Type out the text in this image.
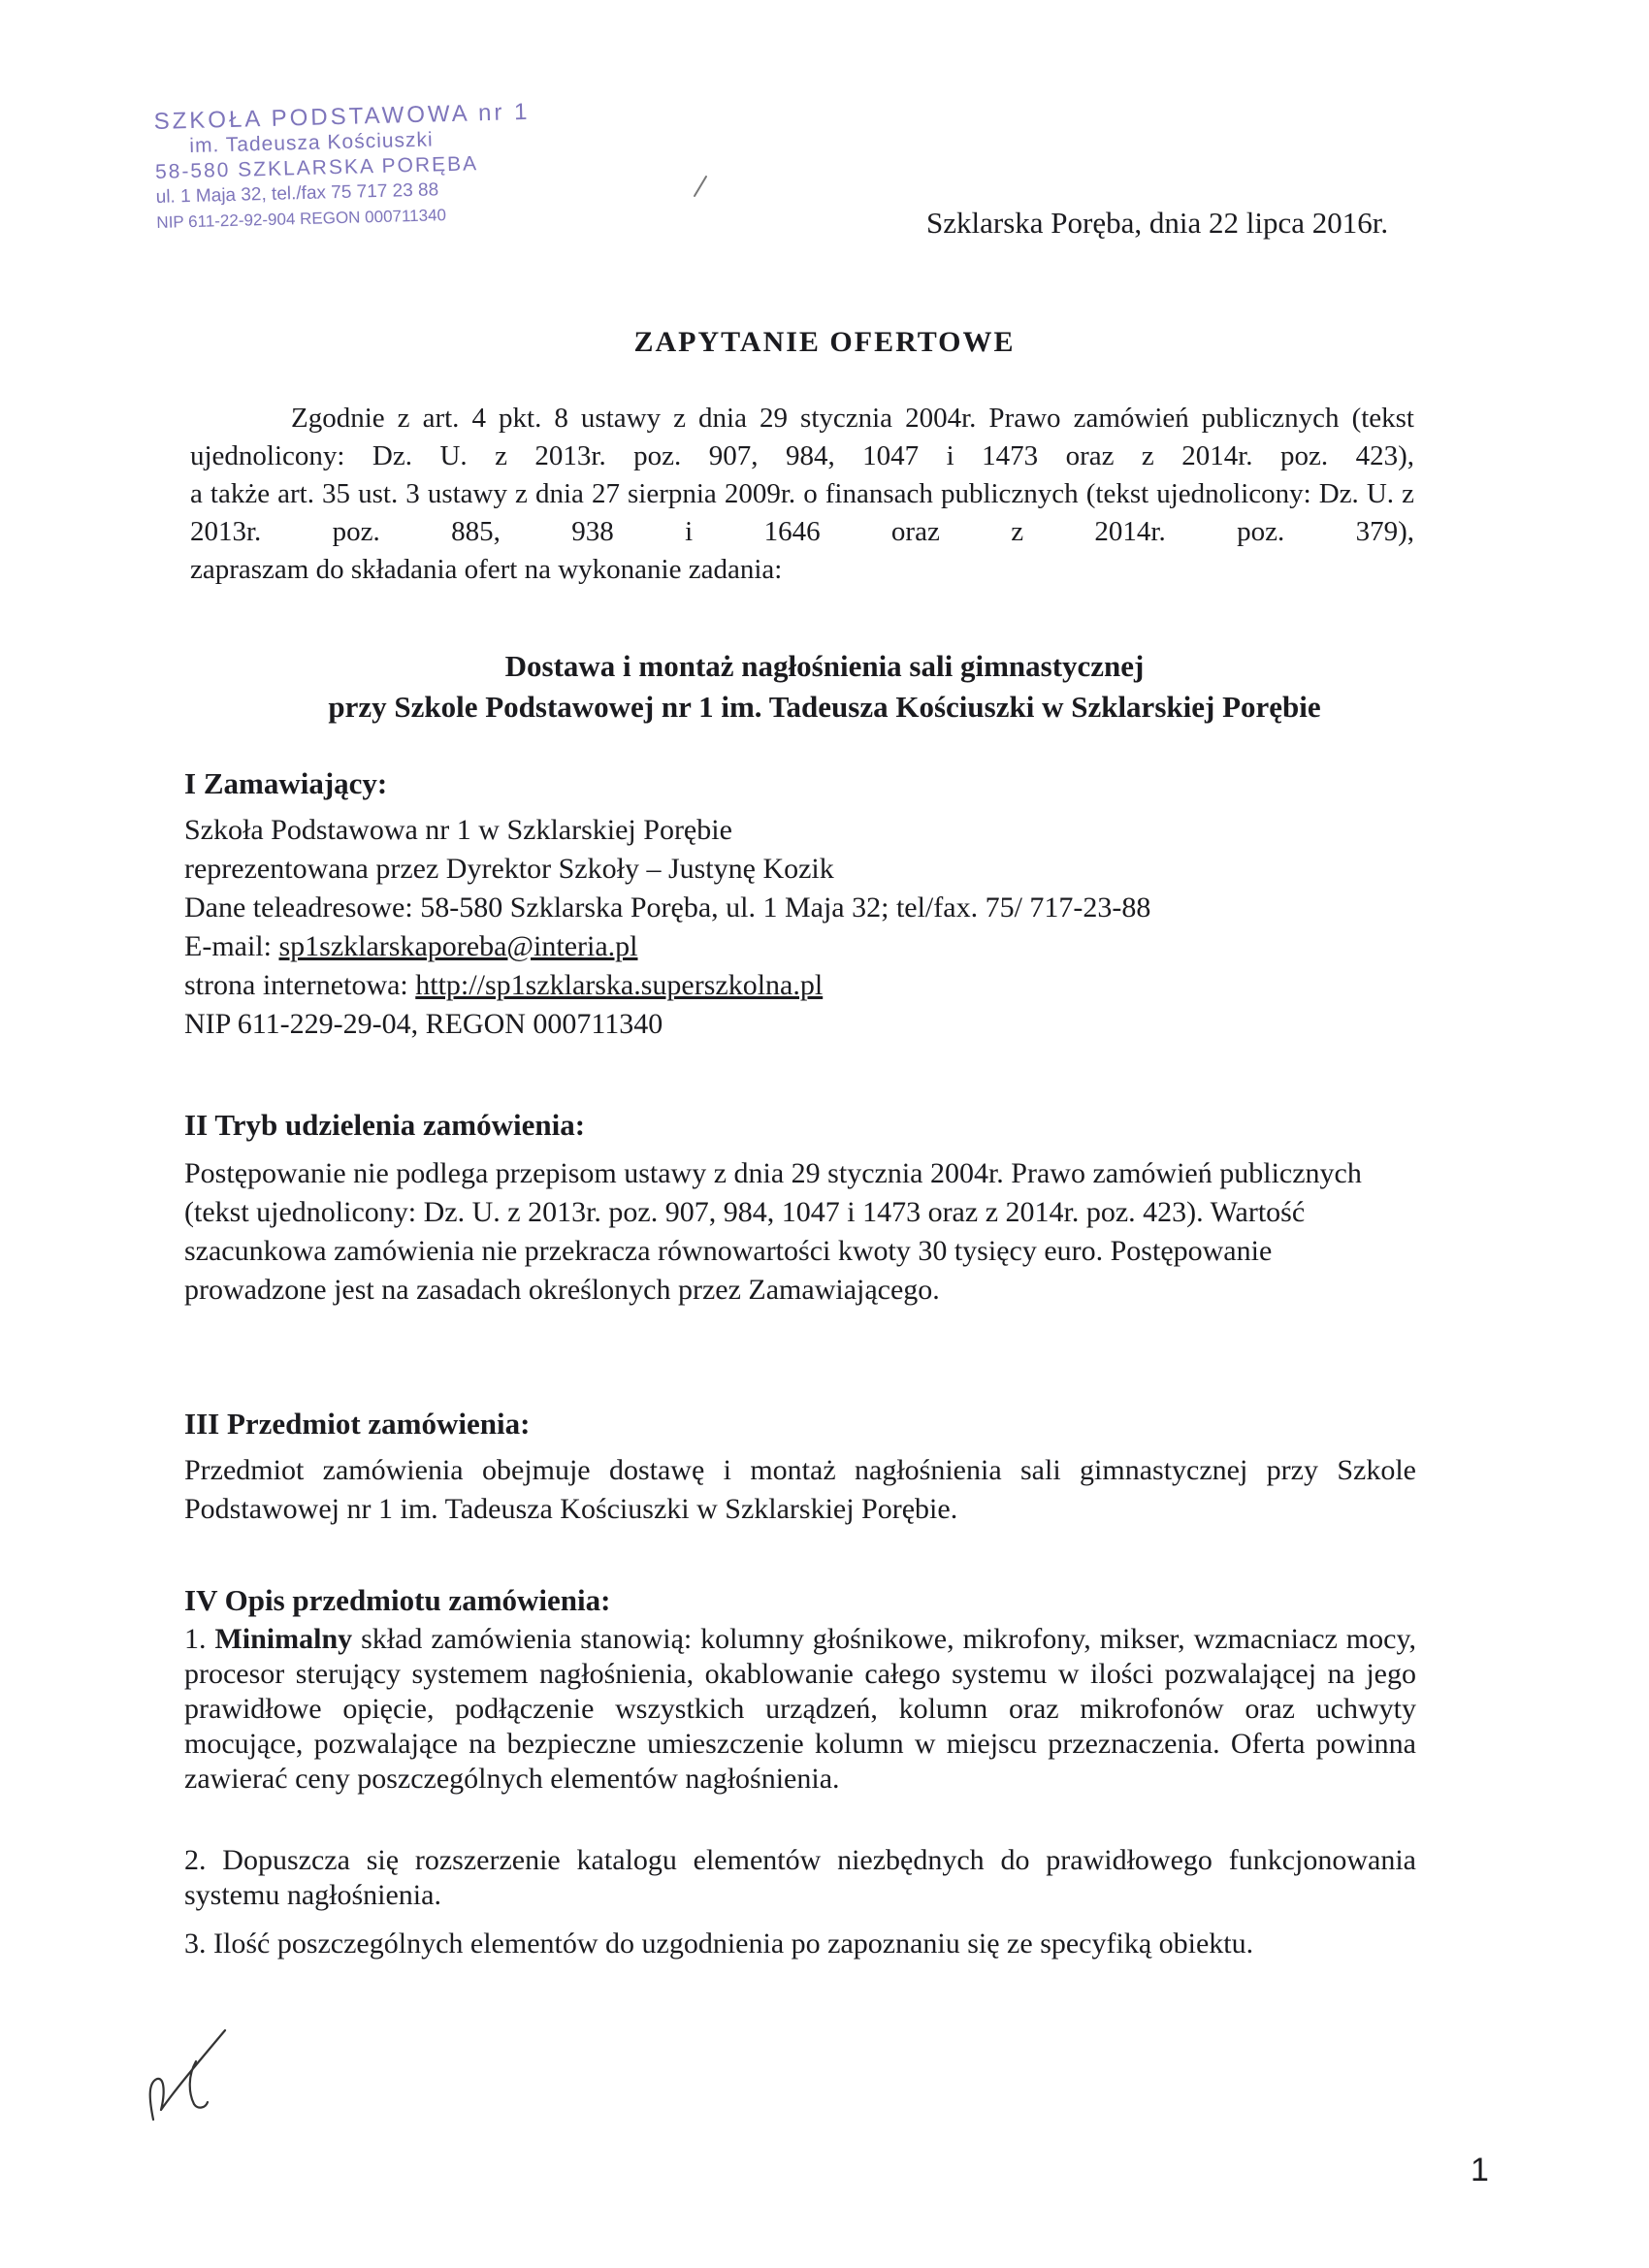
SZKOŁA PODSTAWOWA nr 1
im. Tadeusza Kościuszki
58-580 SZKLARSKA PORĘBA
ul. 1 Maja 32, tel./fax 75 717 23 88
NIP 611-22-92-904 REGON 000711340	Szklarska Poręba, dnia 22 lipca 2016r.
ZAPYTANIE OFERTOWE
Zgodnie z art. 4 pkt. 8 ustawy z dnia 29 stycznia 2004r. Prawo zamówień publicznych (tekst ujednolicony: Dz. U. z 2013r. poz. 907, 984, 1047 i 1473 oraz z 2014r. poz. 423),
a także art. 35 ust. 3 ustawy z dnia 27 sierpnia 2009r. o finansach publicznych (tekst ujednolicony: Dz. U. z 2013r. poz. 885, 938 i 1646 oraz z 2014r. poz. 379),
zapraszam do składania ofert na wykonanie zadania:
Dostawa i montaż nagłośnienia sali gimnastycznej
przy Szkole Podstawowej nr 1 im. Tadeusza Kościuszki w Szklarskiej Porębie
I Zamawiający:
Szkoła Podstawowa nr 1 w Szklarskiej Porębie
reprezentowana przez Dyrektor Szkoły – Justynę Kozik
Dane teleadresowe: 58-580 Szklarska Poręba, ul. 1 Maja 32; tel/fax. 75/ 717-23-88
E-mail: sp1szklarskaporeba@interia.pl
strona internetowa: http://sp1szklarska.superszkolna.pl
NIP 611-229-29-04, REGON 000711340
II Tryb udzielenia zamówienia:
Postępowanie nie podlega przepisom ustawy z dnia 29 stycznia 2004r. Prawo zamówień publicznych (tekst ujednolicony: Dz. U. z 2013r. poz. 907, 984, 1047 i 1473 oraz z 2014r. poz. 423). Wartość szacunkowa zamówienia nie przekracza równowartości kwoty 30 tysięcy euro. Postępowanie prowadzone jest na zasadach określonych przez Zamawiającego.
III Przedmiot zamówienia:
Przedmiot zamówienia obejmuje dostawę i montaż nagłośnienia sali gimnastycznej przy Szkole Podstawowej nr 1 im. Tadeusza Kościuszki w Szklarskiej Porębie.
IV Opis przedmiotu zamówienia:
1. Minimalny skład zamówienia stanowią: kolumny głośnikowe, mikrofony, mikser, wzmacniacz mocy, procesor sterujący systemem nagłośnienia, okablowanie całego systemu w ilości pozwalającej na jego prawidłowe opięcie, podłączenie wszystkich urządzeń, kolumn oraz mikrofonów oraz uchwyty mocujące, pozwalające na bezpieczne umieszczenie kolumn w miejscu przeznaczenia. Oferta powinna zawierać ceny poszczególnych elementów nagłośnienia.
2. Dopuszcza się rozszerzenie katalogu elementów niezbędnych do prawidłowego funkcjonowania systemu nagłośnienia.
3. Ilość poszczególnych elementów do uzgodnienia po zapoznaniu się ze specyfiką obiektu.
1
